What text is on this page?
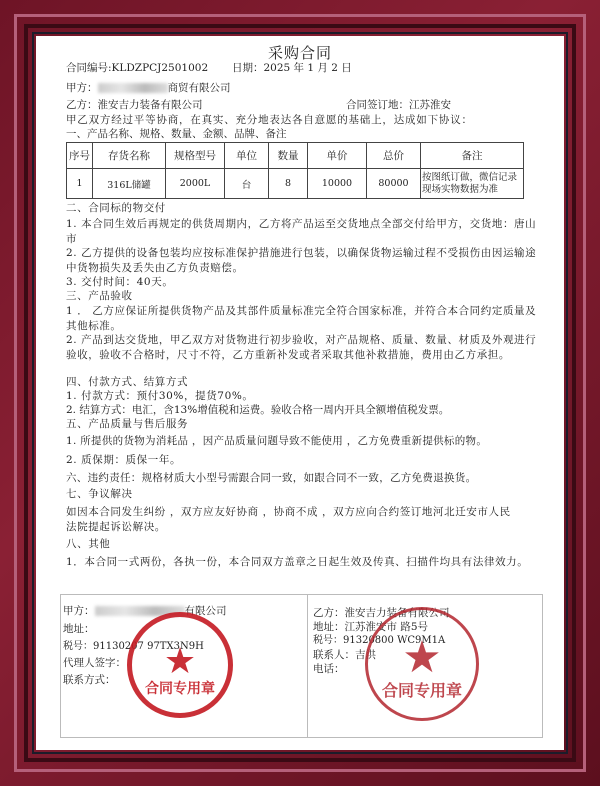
采购合同
合同编号:KLDZPCJ2501002 日期：2025 年 1 月 2 日
甲方：	商贸有限公司
乙方：淮安吉力装备有限公司	合同签订地：江苏淮安
甲乙双方经过平等协商，在真实、充分地表达各自意愿的基础上，达成如下协议：
一、产品名称、规格、数量、金额、品牌、备注
序号	存货名称	规格型号	单位	数量	单价	总价	备注
1	316L储罐	2000L	台	8	10000	80000	按图纸订做，微信记录现场实物数据为准
二、合同标的物交付
1. 本合同生效后再规定的供货周期内，乙方将产品运至交货地点全部交付给甲方，交货地：唐山市
2. 乙方提供的设备包装均应按标准保护措施进行包装，以确保货物运输过程不受损伤由因运输途中货物损失及丢失由乙方负责赔偿。
3. 交付时间：40天。
三、产品验收
1 ． 乙方应保证所提供货物产品及其部件质量标准完全符合国家标准，并符合本合同约定质量及其他标准。
2. 产品到达交货地，甲乙双方对货物进行初步验收，对产品规格、质量、数量、材质及外观进行验收，验收不合格时，尺寸不符，乙方重新补发或者采取其他补救措施，费用由乙方承担。
四、付款方式、结算方式
1. 付款方式：预付30%，提货70%。
2. 结算方式：电汇，含13%增值税和运费。验收合格一周内开具全额增值税发票。
五、产品质量与售后服务
1. 所提供的货物为消耗品 ，因产品质量问题导致不能使用 ，乙方免费重新提供标的物。
2. 质保期：质保一年。
六、违约责任：规格材质大小型号需跟合同一致，如跟合同不一致，乙方免费退换货。
七、争议解决
如因本合同发生纠纷 ，双方应友好协商 ，协商不成 ，双方应向合约签订地河北迁安市人民法院提起诉讼解决。
八、其他
1．本合同一式两份，各执一份，本合同双方盖章之日起生效及传真、扫描件均具有法律效力。
甲方：	有限公司
地址：
税号：91130207 97TX3N9H
代理人签字：
联系方式：
乙方：淮安吉力装备有限公司
地址：江苏淮安市 路5号
税号：91320800 WC9M1A
联系人：吉洪
电话：
★
合同专用章
★
合同专用章
